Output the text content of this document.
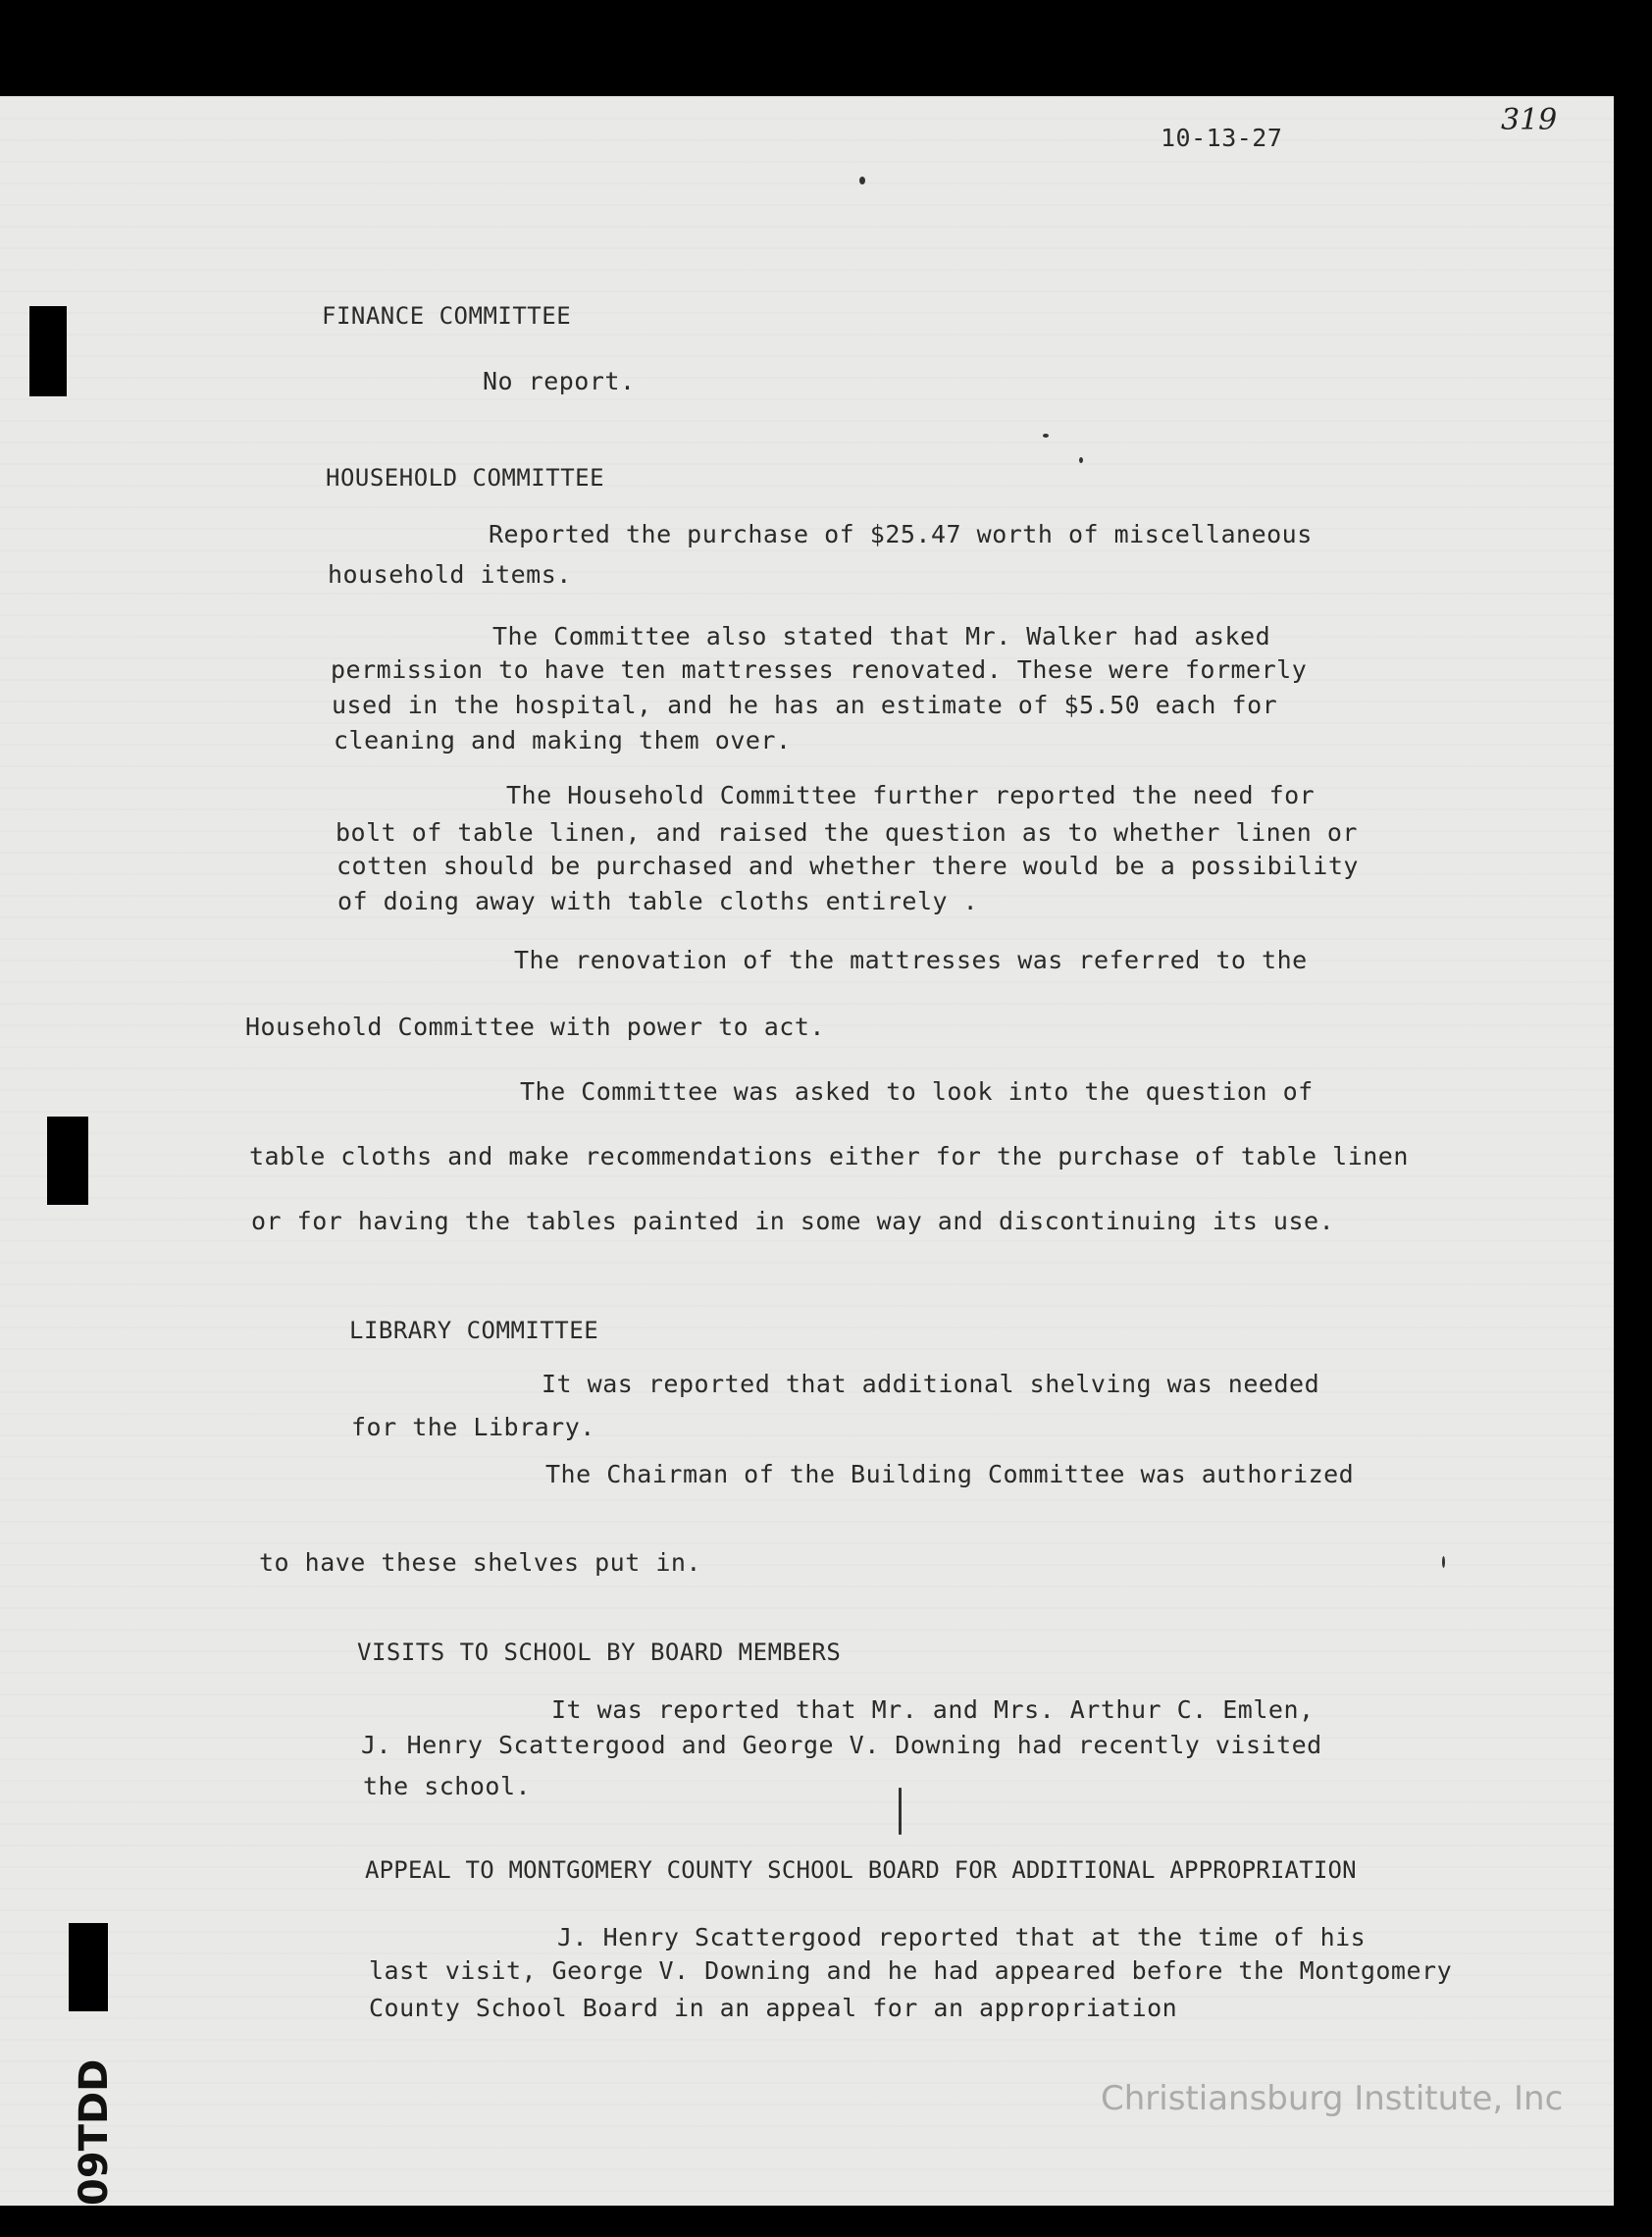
10-13-27
319
FINANCE COMMITTEE
No report.
HOUSEHOLD COMMITTEE
Reported the purchase of $25.47 worth of miscellaneous
household items.
The Committee also stated that Mr. Walker had asked
permission to have ten mattresses renovated. These were formerly
used in the hospital, and he has an estimate of $5.50 each for
cleaning and making them over.
The Household Committee further reported the need for
bolt of table linen, and raised the question as to whether linen or
cotten should be purchased and whether there would be a possibility
of doing away with table cloths entirely .
The renovation of the mattresses was referred to the
Household Committee with power to act.
The Committee was asked to look into the question of
table cloths and make recommendations either for the purchase of table linen
or for having the tables painted in some way and discontinuing its use.
LIBRARY COMMITTEE
It was reported that additional shelving was needed
for the Library.
The Chairman of the Building Committee was authorized
to have these shelves put in.
VISITS TO SCHOOL BY BOARD MEMBERS
It was reported that Mr. and Mrs. Arthur C. Emlen,
J. Henry Scattergood and George V. Downing had recently visited
the school.
APPEAL TO MONTGOMERY COUNTY SCHOOL BOARD FOR ADDITIONAL APPROPRIATION
J. Henry Scattergood reported that at the time of his
last visit, George V. Downing and he had appeared before the Montgomery
County School Board in an appeal for an appropriation
09TDD	Christiansburg Institute, Inc
